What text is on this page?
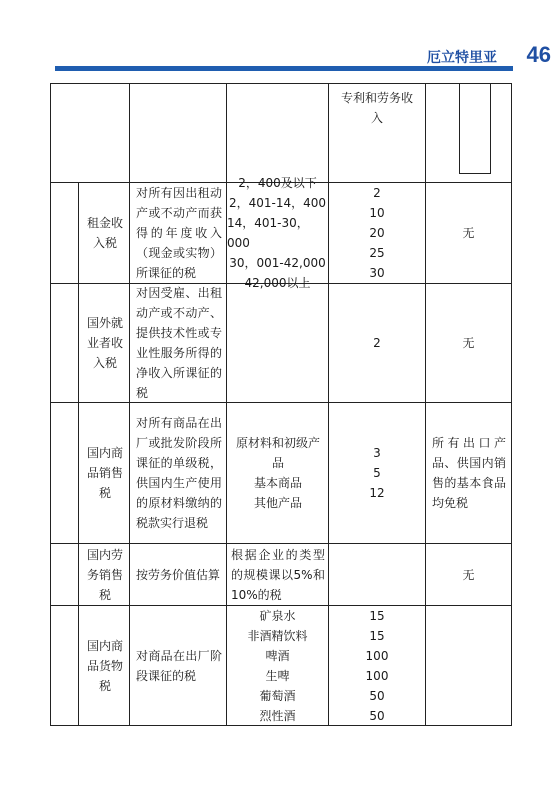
厄立特里亚 46
专利和劳务收
入
租金收入税
对所有因出租动产或不动产而获得的年度收入（现金或实物）所课征的税
2，400及以下
2，401-14，400
14，401-30，000
30，001-42,000
42,000以上
2
10
20
25
30
无
国外就业者收入税
对因受雇、出租动产或不动产、提供技术性或专业性服务所得的净收入所课征的税
2	无
国内商品销售税
对所有商品在出厂或批发阶段所课征的单级税，供国内生产使用的原材料缴纳的税款实行退税
原材料和初级产品
基本商品
其他产品
3
5
12
所有出口产品、供国内销售的基本食品均免税
国内劳务销售税
按劳务价值估算
根据企业的类型的规模课以5%和10%的税
无
国内商品货物税
对商品在出厂阶段课征的税
矿泉水
非酒精饮料
啤酒
生啤
葡萄酒
烈性酒
15
15
100
100
50
50
